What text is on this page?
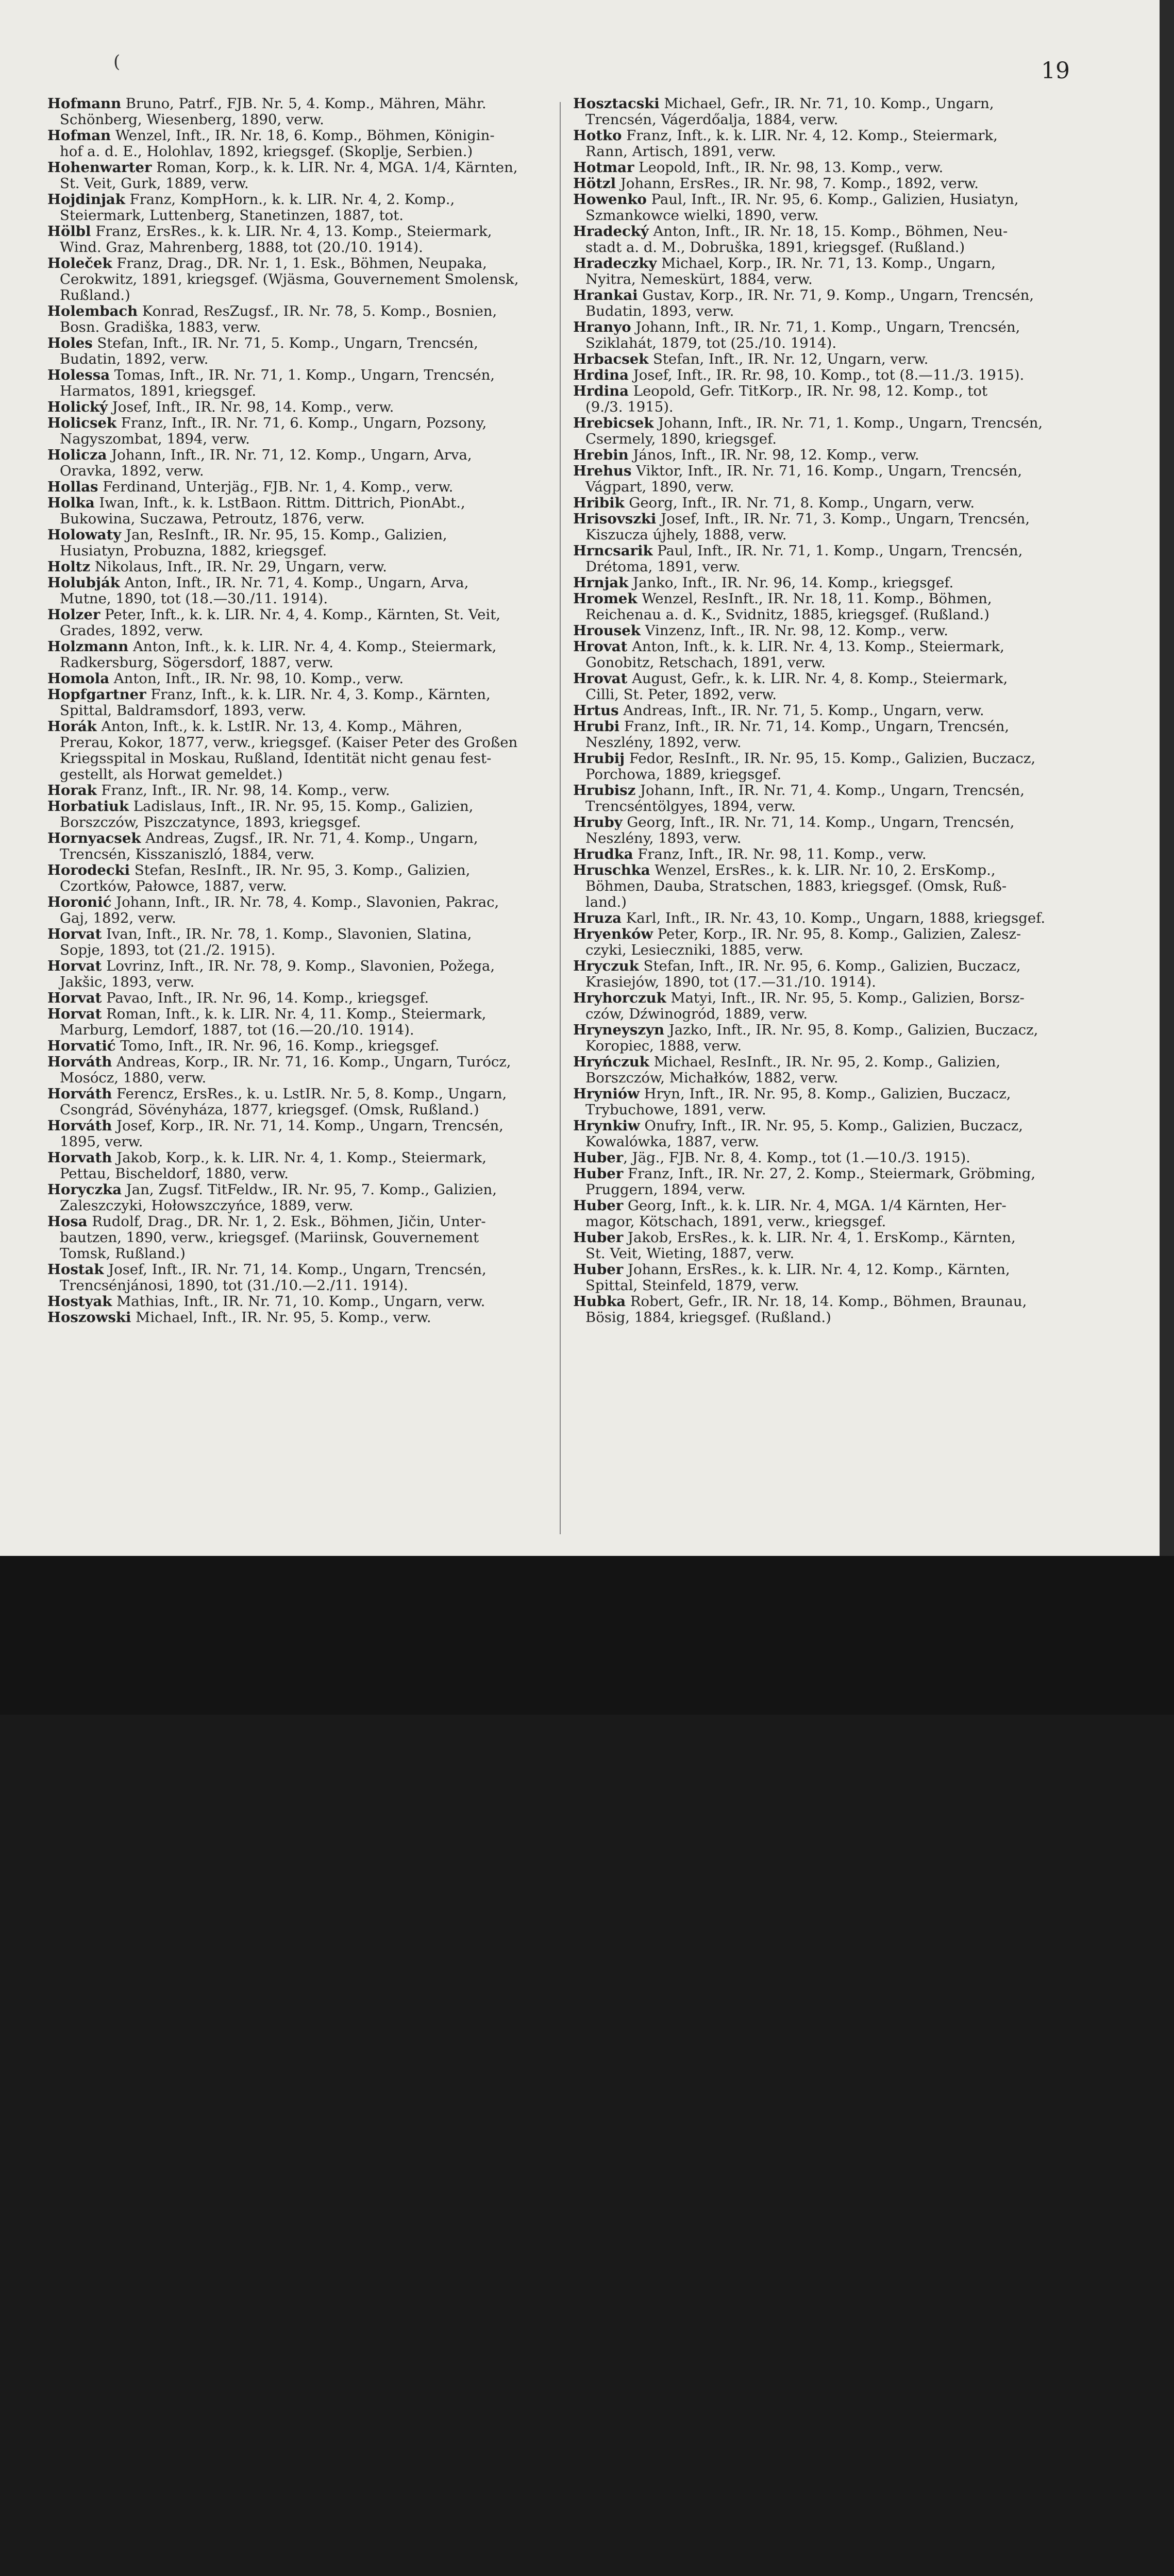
(	19
Hofmann Bruno, Patrf., FJB. Nr. 5, 4. Komp., Mähren, Mähr.
Schönberg, Wiesenberg, 1890, verw.
Hofman Wenzel, Inft., IR. Nr. 18, 6. Komp., Böhmen, Königin-
hof a. d. E., Holohlav, 1892, kriegsgef. (Skoplje, Serbien.)
Hohenwarter Roman, Korp., k. k. LIR. Nr. 4, MGA. 1/4, Kärnten,
St. Veit, Gurk, 1889, verw.
Hojdinjak Franz, KompHorn., k. k. LIR. Nr. 4, 2. Komp.,
Steiermark, Luttenberg, Stanetinzen, 1887, tot.
Hölbl Franz, ErsRes., k. k. LIR. Nr. 4, 13. Komp., Steiermark,
Wind. Graz, Mahrenberg, 1888, tot (20./10. 1914).
Holeček Franz, Drag., DR. Nr. 1, 1. Esk., Böhmen, Neupaka,
Cerokwitz, 1891, kriegsgef. (Wjäsma, Gouvernement Smolensk,
Rußland.)
Holembach Konrad, ResZugsf., IR. Nr. 78, 5. Komp., Bosnien,
Bosn. Gradiška, 1883, verw.
Holes Stefan, Inft., IR. Nr. 71, 5. Komp., Ungarn, Trencsén,
Budatin, 1892, verw.
Holessa Tomas, Inft., IR. Nr. 71, 1. Komp., Ungarn, Trencsén,
Harmatos, 1891, kriegsgef.
Holický Josef, Inft., IR. Nr. 98, 14. Komp., verw.
Holicsek Franz, Inft., IR. Nr. 71, 6. Komp., Ungarn, Pozsony,
Nagyszombat, 1894, verw.
Holicza Johann, Inft., IR. Nr. 71, 12. Komp., Ungarn, Arva,
Oravka, 1892, verw.
Hollas Ferdinand, Unterjäg., FJB. Nr. 1, 4. Komp., verw.
Holka Iwan, Inft., k. k. LstBaon. Rittm. Dittrich, PionAbt.,
Bukowina, Suczawa, Petroutz, 1876, verw.
Holowaty Jan, ResInft., IR. Nr. 95, 15. Komp., Galizien,
Husiatyn, Probuzna, 1882, kriegsgef.
Holtz Nikolaus, Inft., IR. Nr. 29, Ungarn, verw.
Holubják Anton, Inft., IR. Nr. 71, 4. Komp., Ungarn, Arva,
Mutne, 1890, tot (18.—30./11. 1914).
Holzer Peter, Inft., k. k. LIR. Nr. 4, 4. Komp., Kärnten, St. Veit,
Grades, 1892, verw.
Holzmann Anton, Inft., k. k. LIR. Nr. 4, 4. Komp., Steiermark,
Radkersburg, Sögersdorf, 1887, verw.
Homola Anton, Inft., IR. Nr. 98, 10. Komp., verw.
Hopfgartner Franz, Inft., k. k. LIR. Nr. 4, 3. Komp., Kärnten,
Spittal, Baldramsdorf, 1893, verw.
Horák Anton, Inft., k. k. LstIR. Nr. 13, 4. Komp., Mähren,
Prerau, Kokor, 1877, verw., kriegsgef. (Kaiser Peter des Großen
Kriegsspital in Moskau, Rußland, Identität nicht genau fest-
gestellt, als Horwat gemeldet.)
Horak Franz, Inft., IR. Nr. 98, 14. Komp., verw.
Horbatiuk Ladislaus, Inft., IR. Nr. 95, 15. Komp., Galizien,
Borszczów, Piszczatynce, 1893, kriegsgef.
Hornyacsek Andreas, Zugsf., IR. Nr. 71, 4. Komp., Ungarn,
Trencsén, Kisszaniszló, 1884, verw.
Horodecki Stefan, ResInft., IR. Nr. 95, 3. Komp., Galizien,
Czortków, Pałowce, 1887, verw.
Horonić Johann, Inft., IR. Nr. 78, 4. Komp., Slavonien, Pakrac,
Gaj, 1892, verw.
Horvat Ivan, Inft., IR. Nr. 78, 1. Komp., Slavonien, Slatina,
Sopje, 1893, tot (21./2. 1915).
Horvat Lovrinz, Inft., IR. Nr. 78, 9. Komp., Slavonien, Požega,
Jakšic, 1893, verw.
Horvat Pavao, Inft., IR. Nr. 96, 14. Komp., kriegsgef.
Horvat Roman, Inft., k. k. LIR. Nr. 4, 11. Komp., Steiermark,
Marburg, Lemdorf, 1887, tot (16.—20./10. 1914).
Horvatić Tomo, Inft., IR. Nr. 96, 16. Komp., kriegsgef.
Horváth Andreas, Korp., IR. Nr. 71, 16. Komp., Ungarn, Turócz,
Mosócz, 1880, verw.
Horváth Ferencz, ErsRes., k. u. LstIR. Nr. 5, 8. Komp., Ungarn,
Csongrád, Sövényháza, 1877, kriegsgef. (Omsk, Rußland.)
Horváth Josef, Korp., IR. Nr. 71, 14. Komp., Ungarn, Trencsén,
1895, verw.
Horvath Jakob, Korp., k. k. LIR. Nr. 4, 1. Komp., Steiermark,
Pettau, Bischeldorf, 1880, verw.
Horyczka Jan, Zugsf. TitFeldw., IR. Nr. 95, 7. Komp., Galizien,
Zaleszczyki, Hołowszczyńce, 1889, verw.
Hosa Rudolf, Drag., DR. Nr. 1, 2. Esk., Böhmen, Jičin, Unter-
bautzen, 1890, verw., kriegsgef. (Mariinsk, Gouvernement
Tomsk, Rußland.)
Hostak Josef, Inft., IR. Nr. 71, 14. Komp., Ungarn, Trencsén,
Trencsénjánosi, 1890, tot (31./10.—2./11. 1914).
Hostyak Mathias, Inft., IR. Nr. 71, 10. Komp., Ungarn, verw.
Hoszowski Michael, Inft., IR. Nr. 95, 5. Komp., verw.
Hosztacski Michael, Gefr., IR. Nr. 71, 10. Komp., Ungarn,
Trencsén, Vágerdőalja, 1884, verw.
Hotko Franz, Inft., k. k. LIR. Nr. 4, 12. Komp., Steiermark,
Rann, Artisch, 1891, verw.
Hotmar Leopold, Inft., IR. Nr. 98, 13. Komp., verw.
Hötzl Johann, ErsRes., IR. Nr. 98, 7. Komp., 1892, verw.
Howenko Paul, Inft., IR. Nr. 95, 6. Komp., Galizien, Husiatyn,
Szmankowce wielki, 1890, verw.
Hradecký Anton, Inft., IR. Nr. 18, 15. Komp., Böhmen, Neu-
stadt a. d. M., Dobruška, 1891, kriegsgef. (Rußland.)
Hradeczky Michael, Korp., IR. Nr. 71, 13. Komp., Ungarn,
Nyitra, Nemeskürt, 1884, verw.
Hrankai Gustav, Korp., IR. Nr. 71, 9. Komp., Ungarn, Trencsén,
Budatin, 1893, verw.
Hranyo Johann, Inft., IR. Nr. 71, 1. Komp., Ungarn, Trencsén,
Sziklahát, 1879, tot (25./10. 1914).
Hrbacsek Stefan, Inft., IR. Nr. 12, Ungarn, verw.
Hrdina Josef, Inft., IR. Rr. 98, 10. Komp., tot (8.—11./3. 1915).
Hrdina Leopold, Gefr. TitKorp., IR. Nr. 98, 12. Komp., tot
(9./3. 1915).
Hrebicsek Johann, Inft., IR. Nr. 71, 1. Komp., Ungarn, Trencsén,
Csermely, 1890, kriegsgef.
Hrebin János, Inft., IR. Nr. 98, 12. Komp., verw.
Hrehus Viktor, Inft., IR. Nr. 71, 16. Komp., Ungarn, Trencsén,
Vágpart, 1890, verw.
Hribik Georg, Inft., IR. Nr. 71, 8. Komp., Ungarn, verw.
Hrisovszki Josef, Inft., IR. Nr. 71, 3. Komp., Ungarn, Trencsén,
Kiszucza újhely, 1888, verw.
Hrncsarik Paul, Inft., IR. Nr. 71, 1. Komp., Ungarn, Trencsén,
Drétoma, 1891, verw.
Hrnjak Janko, Inft., IR. Nr. 96, 14. Komp., kriegsgef.
Hromek Wenzel, ResInft., IR. Nr. 18, 11. Komp., Böhmen,
Reichenau a. d. K., Svidnitz, 1885, kriegsgef. (Rußland.)
Hrousek Vinzenz, Inft., IR. Nr. 98, 12. Komp., verw.
Hrovat Anton, Inft., k. k. LIR. Nr. 4, 13. Komp., Steiermark,
Gonobitz, Retschach, 1891, verw.
Hrovat August, Gefr., k. k. LIR. Nr. 4, 8. Komp., Steiermark,
Cilli, St. Peter, 1892, verw.
Hrtus Andreas, Inft., IR. Nr. 71, 5. Komp., Ungarn, verw.
Hrubi Franz, Inft., IR. Nr. 71, 14. Komp., Ungarn, Trencsén,
Neszlény, 1892, verw.
Hrubij Fedor, ResInft., IR. Nr. 95, 15. Komp., Galizien, Buczacz,
Porchowa, 1889, kriegsgef.
Hrubisz Johann, Inft., IR. Nr. 71, 4. Komp., Ungarn, Trencsén,
Trencséntölgyes, 1894, verw.
Hruby Georg, Inft., IR. Nr. 71, 14. Komp., Ungarn, Trencsén,
Neszlény, 1893, verw.
Hrudka Franz, Inft., IR. Nr. 98, 11. Komp., verw.
Hruschka Wenzel, ErsRes., k. k. LIR. Nr. 10, 2. ErsKomp.,
Böhmen, Dauba, Stratschen, 1883, kriegsgef. (Omsk, Ruß-
land.)
Hruza Karl, Inft., IR. Nr. 43, 10. Komp., Ungarn, 1888, kriegsgef.
Hryenków Peter, Korp., IR. Nr. 95, 8. Komp., Galizien, Zalesz-
czyki, Lesieczniki, 1885, verw.
Hryczuk Stefan, Inft., IR. Nr. 95, 6. Komp., Galizien, Buczacz,
Krasiejów, 1890, tot (17.—31./10. 1914).
Hryhorczuk Matyi, Inft., IR. Nr. 95, 5. Komp., Galizien, Borsz-
czów, Dźwinogród, 1889, verw.
Hryneyszyn Jazko, Inft., IR. Nr. 95, 8. Komp., Galizien, Buczacz,
Koropiec, 1888, verw.
Hryńczuk Michael, ResInft., IR. Nr. 95, 2. Komp., Galizien,
Borszczów, Michałków, 1882, verw.
Hryniów Hryn, Inft., IR. Nr. 95, 8. Komp., Galizien, Buczacz,
Trybuchowe, 1891, verw.
Hrynkiw Onufry, Inft., IR. Nr. 95, 5. Komp., Galizien, Buczacz,
Kowalówka, 1887, verw.
Huber, Jäg., FJB. Nr. 8, 4. Komp., tot (1.—10./3. 1915).
Huber Franz, Inft., IR. Nr. 27, 2. Komp., Steiermark, Gröbming,
Pruggern, 1894, verw.
Huber Georg, Inft., k. k. LIR. Nr. 4, MGA. 1/4 Kärnten, Her-
magor, Kötschach, 1891, verw., kriegsgef.
Huber Jakob, ErsRes., k. k. LIR. Nr. 4, 1. ErsKomp., Kärnten,
St. Veit, Wieting, 1887, verw.
Huber Johann, ErsRes., k. k. LIR. Nr. 4, 12. Komp., Kärnten,
Spittal, Steinfeld, 1879, verw.
Hubka Robert, Gefr., IR. Nr. 18, 14. Komp., Böhmen, Braunau,
Bösig, 1884, kriegsgef. (Rußland.)
